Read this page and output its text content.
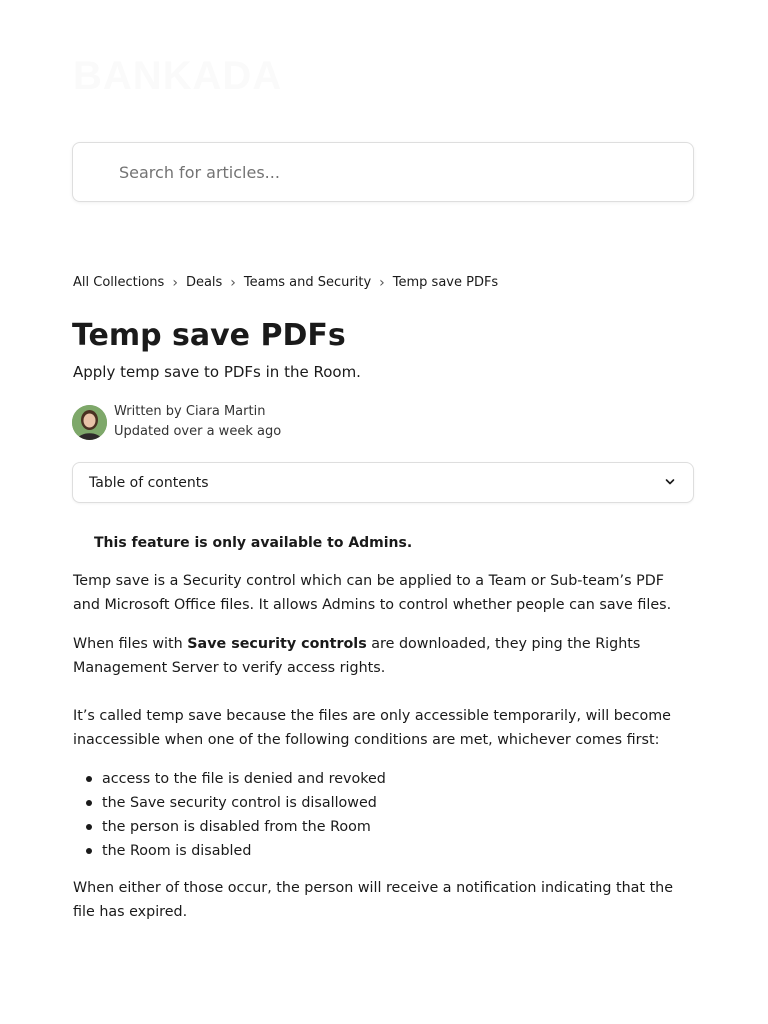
BANKADA
Search for articles...
All Collections › Deals › Teams and Security › Temp save PDFs
Temp save PDFs
Apply temp save to PDFs in the Room.
Written by Ciara Martin
Updated over a week ago
Table of contents
This feature is only available to Admins.

Temp save is a Security control which can be applied to a Team or Sub-team’s PDF and Microsoft Office files. It allows Admins to control whether people can save files.

When files with Save security controls are downloaded, they ping the Rights Management Server to verify access rights.

It’s called temp save because the files are only accessible temporarily, will become inaccessible when one of the following conditions are met, whichever comes first:

access to the file is denied and revoked
the Save security control is disallowed
the person is disabled from the Room
the Room is disabled

When either of those occur, the person will receive a notification indicating that the file has expired.
